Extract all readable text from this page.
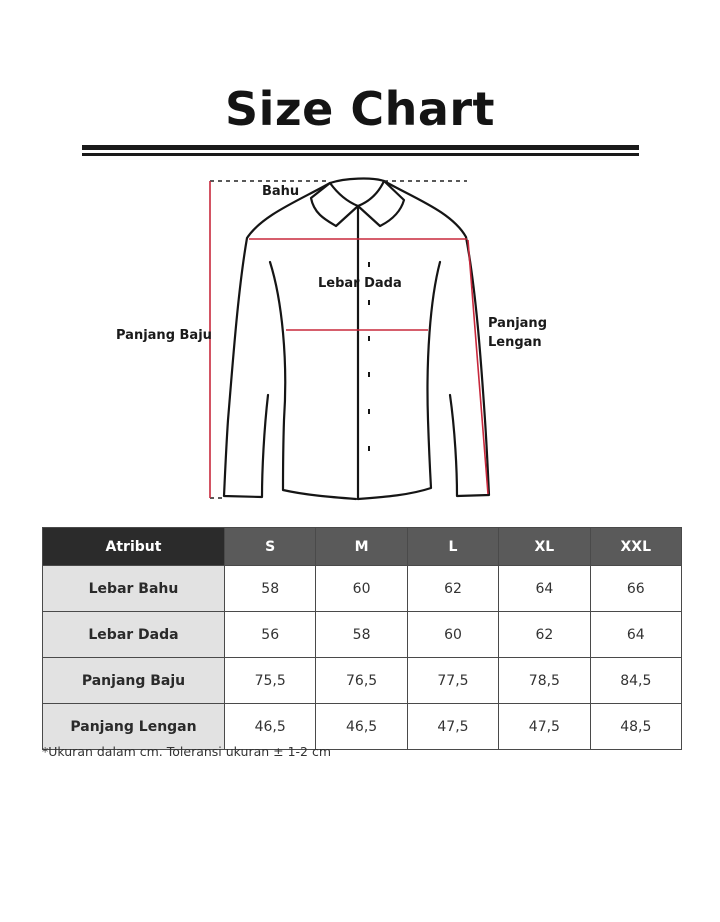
Size Chart
Bahu
Lebar Dada
Panjang Baju
Panjang
Lengan
Atribut	S	M	L	XL	XXL
Lebar Bahu	58	60	62	64	66
Lebar Dada	56	58	60	62	64
Panjang Baju	75,5	76,5	77,5	78,5	84,5
Panjang Lengan	46,5	46,5	47,5	47,5	48,5
*Ukuran dalam cm. Toleransi ukuran ± 1-2 cm
